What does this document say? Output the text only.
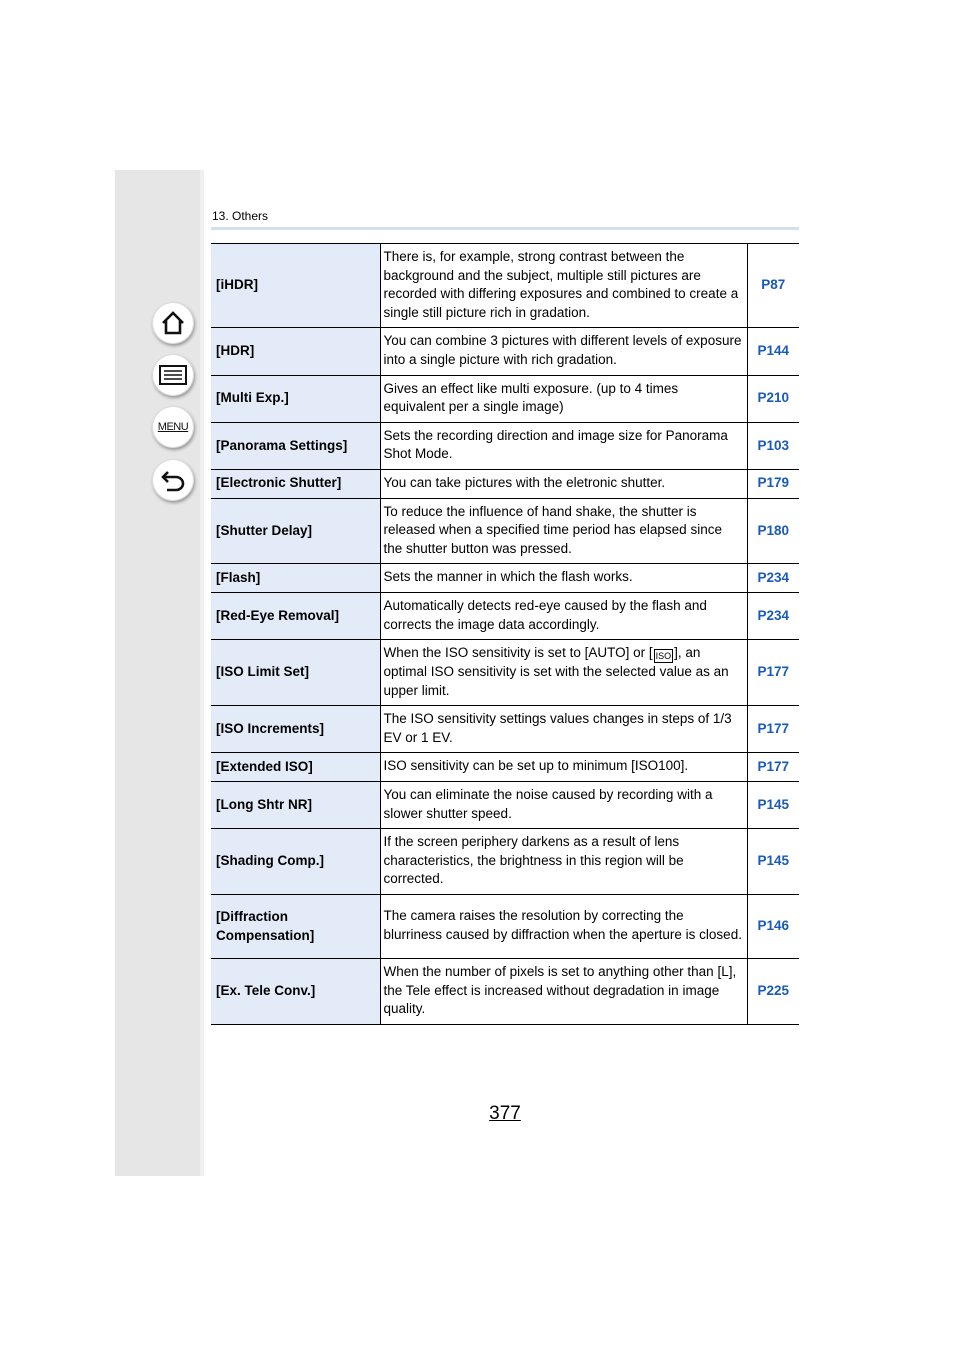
MENU
13. Others
[iHDR]	There is, for example, strong contrast between the background and the subject, multiple still pictures are recorded with differing exposures and combined to create a single still picture rich in gradation.	P87
[HDR]	You can combine 3 pictures with different levels of exposure into a single picture with rich gradation.	P144
[Multi Exp.]	Gives an effect like multi exposure. (up to 4 times equivalent per a single image)	P210
[Panorama Settings]	Sets the recording direction and image size for Panorama Shot Mode.	P103
[Electronic Shutter]	You can take pictures with the eletronic shutter.	P179
[Shutter Delay]	To reduce the influence of hand shake, the shutter is released when a specified time period has elapsed since the shutter button was pressed.	P180
[Flash]	Sets the manner in which the flash works.	P234
[Red-Eye Removal]	Automatically detects red-eye caused by the flash and corrects the image data accordingly.	P234
[ISO Limit Set]	When the ISO sensitivity is set to [AUTO] or [ ISO ], an optimal ISO sensitivity is set with the selected value as an upper limit.	P177
[ISO Increments]	The ISO sensitivity settings values changes in steps of 1/3 EV or 1 EV.	P177
[Extended ISO]	ISO sensitivity can be set up to minimum [ISO100].	P177
[Long Shtr NR]	You can eliminate the noise caused by recording with a slower shutter speed.	P145
[Shading Comp.]	If the screen periphery darkens as a result of lens characteristics, the brightness in this region will be corrected.	P145
[Diffraction Compensation]	The camera raises the resolution by correcting the blurriness caused by diffraction when the aperture is closed.	P146
[Ex. Tele Conv.]	When the number of pixels is set to anything other than [L], the Tele effect is increased without degradation in image quality.	P225
377
